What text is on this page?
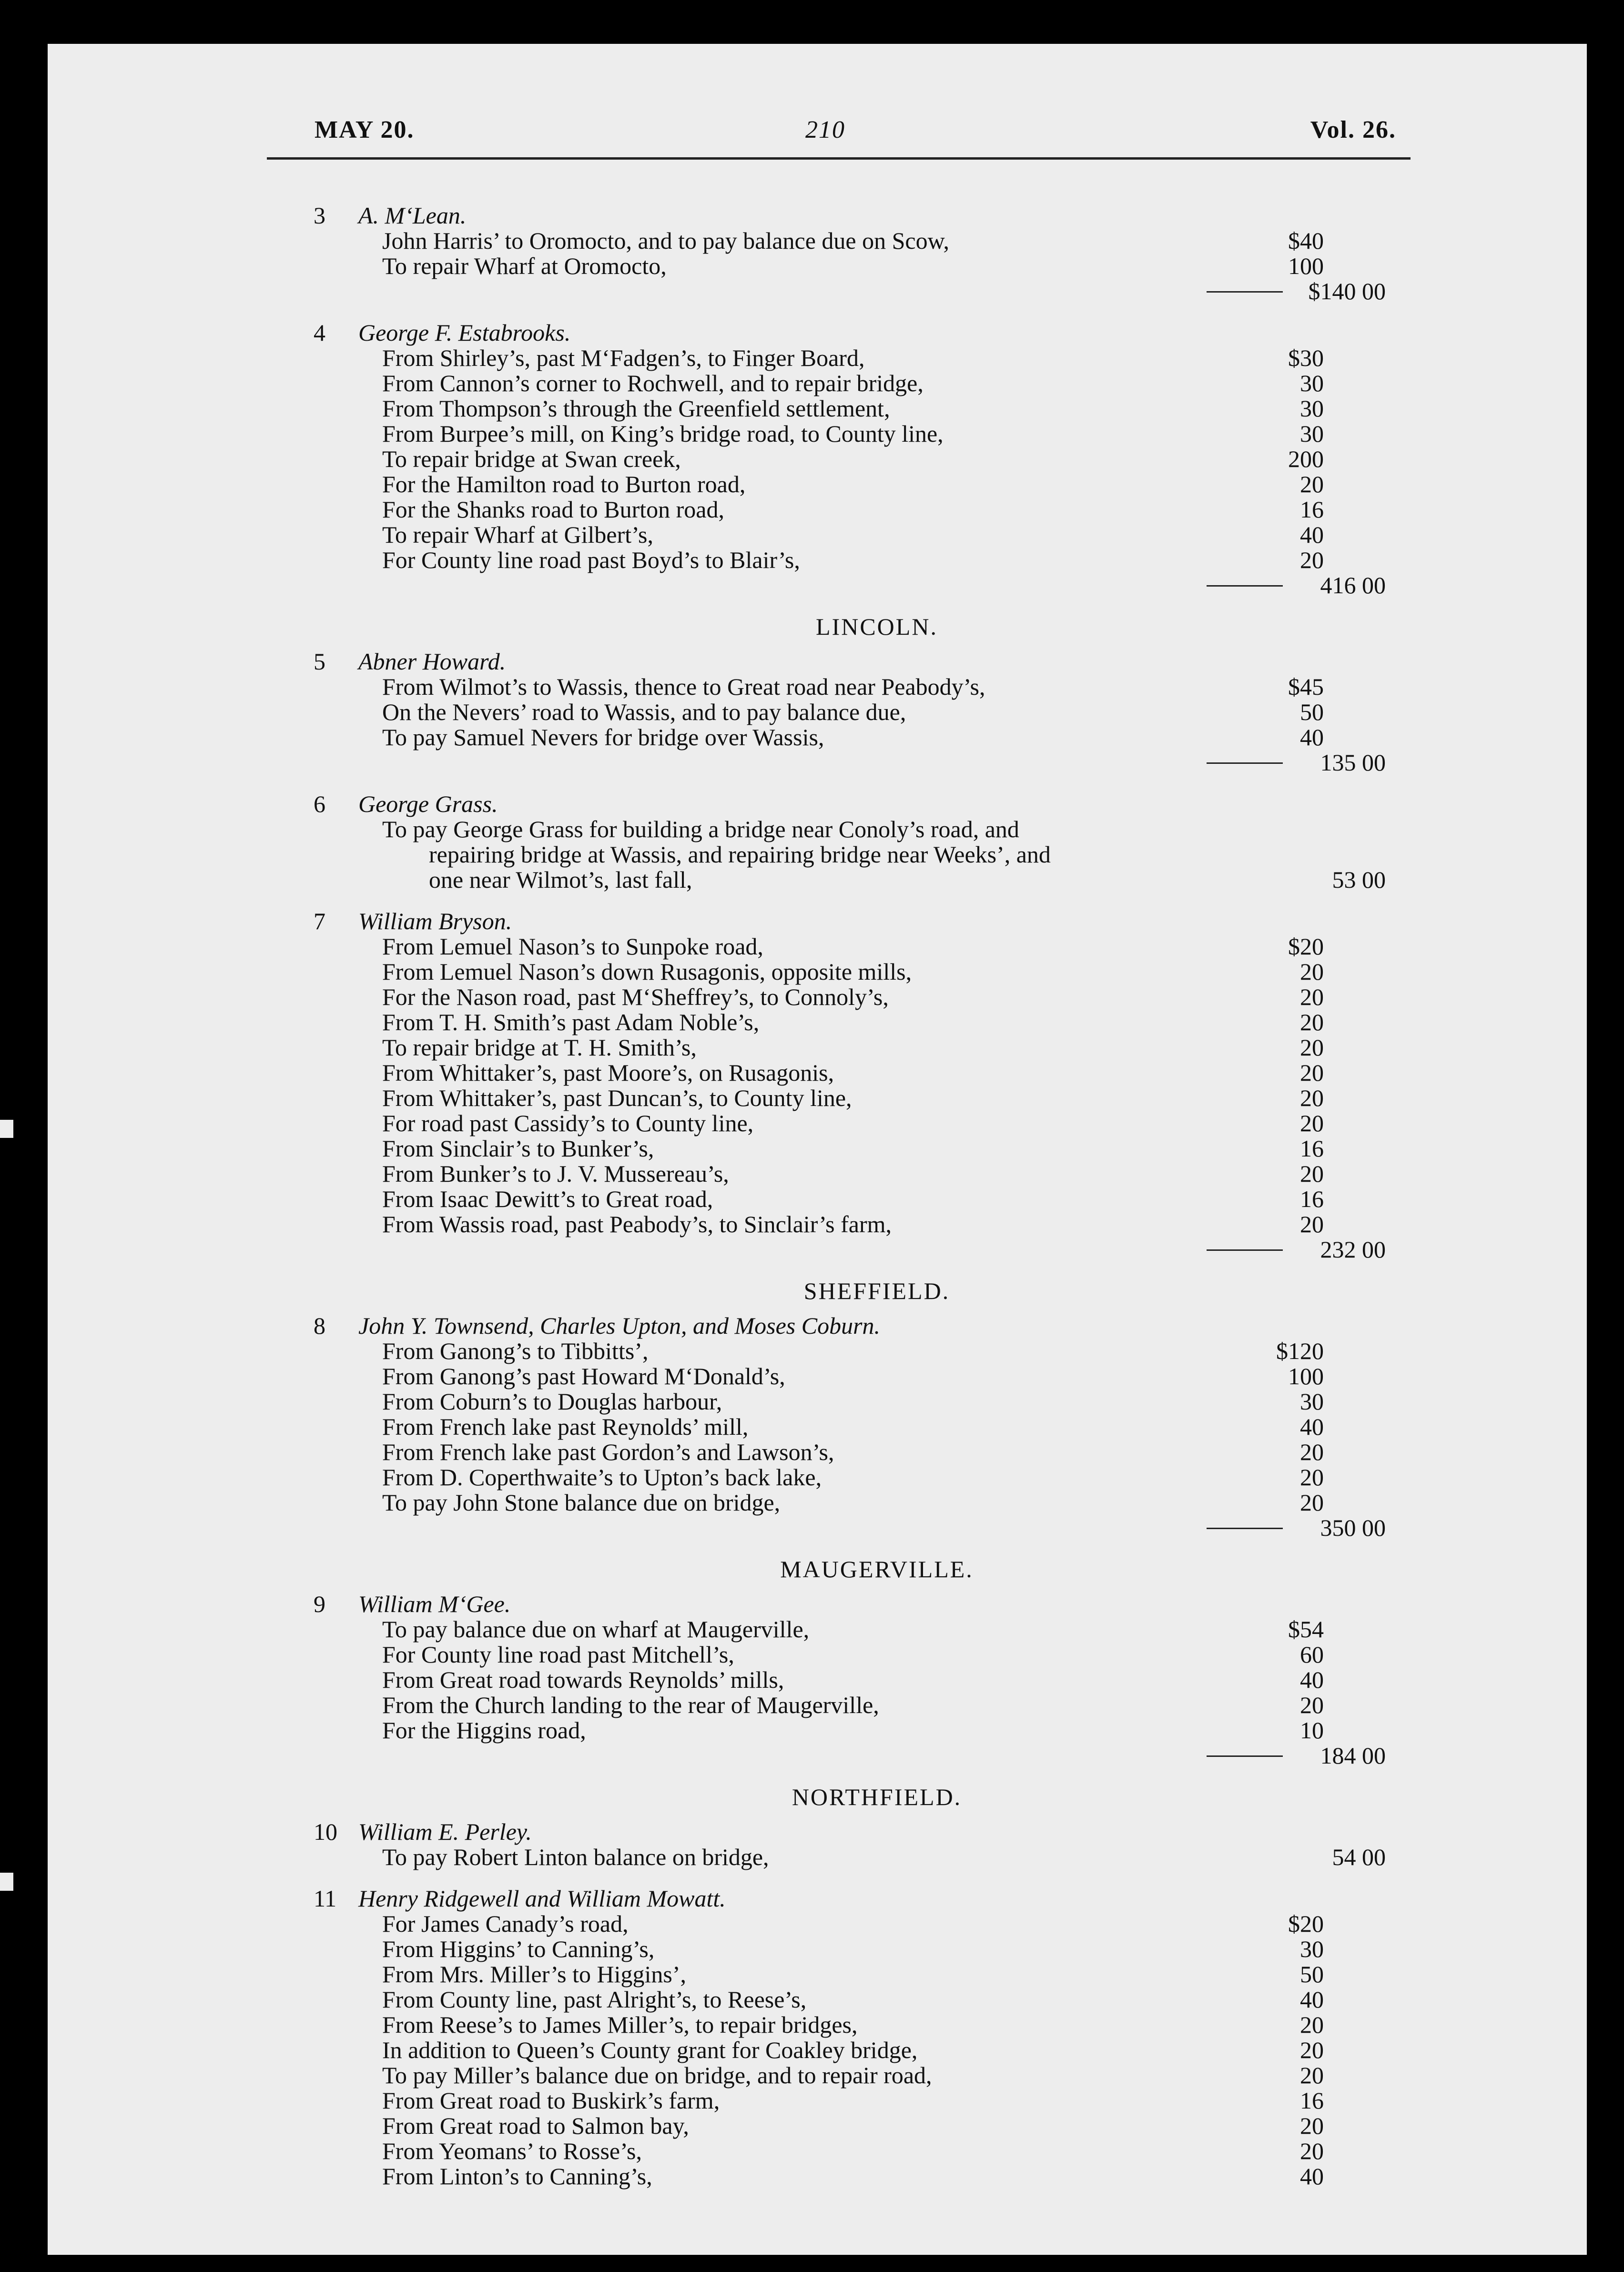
MAY 20.	210	Vol. 26.
3 A. M‘Lean.
John Harris’ to Oromocto, and to pay balance due on Scow,	$40
To repair Wharf at Oromocto,	100
$140 00
4 George F. Estabrooks.
From Shirley’s, past M‘Fadgen’s, to Finger Board,	$30
From Cannon’s corner to Rochwell, and to repair bridge,	30
From Thompson’s through the Greenfield settlement,	30
From Burpee’s mill, on King’s bridge road, to County line,	30
To repair bridge at Swan creek,	200
For the Hamilton road to Burton road,	20
For the Shanks road to Burton road,	16
To repair Wharf at Gilbert’s,	40
For County line road past Boyd’s to Blair’s,	20
416 00
LINCOLN.
5 Abner Howard.
From Wilmot’s to Wassis, thence to Great road near Peabody’s,	$45
On the Nevers’ road to Wassis, and to pay balance due,	50
To pay Samuel Nevers for bridge over Wassis,	40
135 00
6 George Grass.
To pay George Grass for building a bridge near Conoly’s road, and
repairing bridge at Wassis, and repairing bridge near Weeks’, and
one near Wilmot’s, last fall,	53 00
7 William Bryson.
From Lemuel Nason’s to Sunpoke road,	$20
From Lemuel Nason’s down Rusagonis, opposite mills,	20
For the Nason road, past M‘Sheffrey’s, to Connoly’s,	20
From T. H. Smith’s past Adam Noble’s,	20
To repair bridge at T. H. Smith’s,	20
From Whittaker’s, past Moore’s, on Rusagonis,	20
From Whittaker’s, past Duncan’s, to County line,	20
For road past Cassidy’s to County line,	20
From Sinclair’s to Bunker’s,	16
From Bunker’s to J. V. Mussereau’s,	20
From Isaac Dewitt’s to Great road,	16
From Wassis road, past Peabody’s, to Sinclair’s farm,	20
232 00
SHEFFIELD.
8 John Y. Townsend, Charles Upton, and Moses Coburn.
From Ganong’s to Tibbitts’,	$120
From Ganong’s past Howard M‘Donald’s,	100
From Coburn’s to Douglas harbour,	30
From French lake past Reynolds’ mill,	40
From French lake past Gordon’s and Lawson’s,	20
From D. Coperthwaite’s to Upton’s back lake,	20
To pay John Stone balance due on bridge,	20
350 00
MAUGERVILLE.
9 William M‘Gee.
To pay balance due on wharf at Maugerville,	$54
For County line road past Mitchell’s,	60
From Great road towards Reynolds’ mills,	40
From the Church landing to the rear of Maugerville,	20
For the Higgins road,	10
184 00
NORTHFIELD.
10 William E. Perley.
To pay Robert Linton balance on bridge,	54 00
11 Henry Ridgewell and William Mowatt.
For James Canady’s road,	$20
From Higgins’ to Canning’s,	30
From Mrs. Miller’s to Higgins’,	50
From County line, past Alright’s, to Reese’s,	40
From Reese’s to James Miller’s, to repair bridges,	20
In addition to Queen’s County grant for Coakley bridge,	20
To pay Miller’s balance due on bridge, and to repair road,	20
From Great road to Buskirk’s farm,	16
From Great road to Salmon bay,	20
From Yeomans’ to Rosse’s,	20
From Linton’s to Canning’s,	40
